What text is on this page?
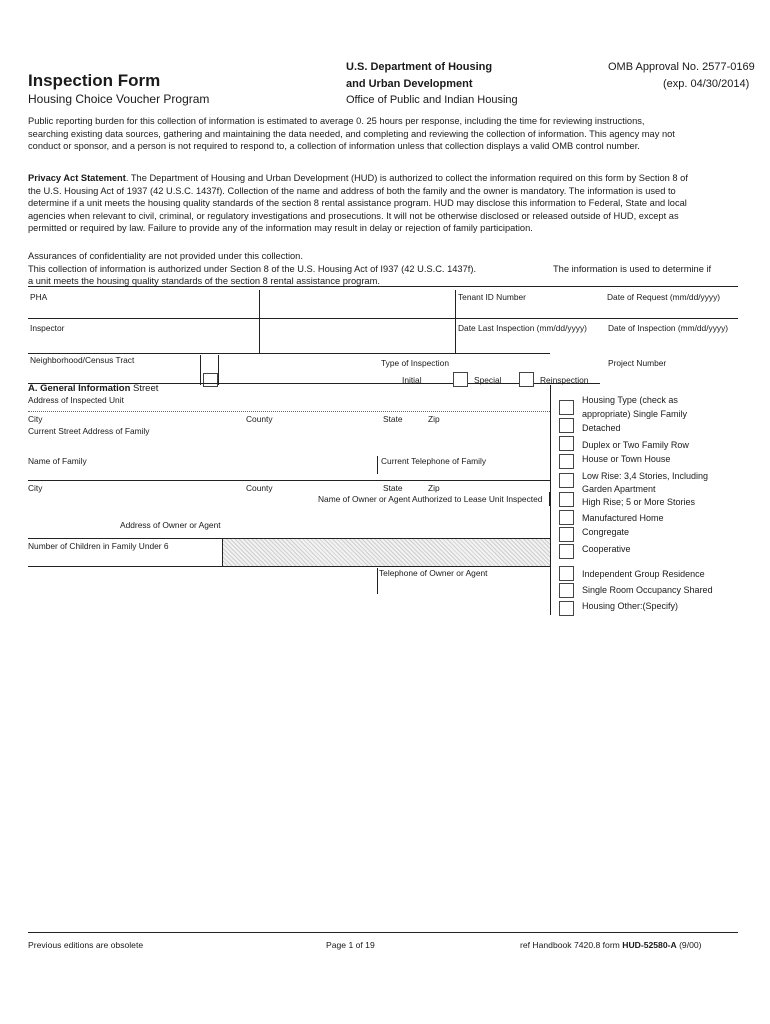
Inspection Form
Housing Choice Voucher Program
U.S. Department of Housing
and Urban Development
Office of Public and Indian Housing
OMB Approval No. 2577-0169
(exp. 04/30/2014)
Public reporting burden for this collection of information is estimated to average 0. 25 hours per response, including the time for reviewing instructions,
searching existing data sources, gathering and maintaining the data needed, and completing and reviewing the collection of information. This agency may not
conduct or sponsor, and a person is not required to respond to, a collection of information unless that collection displays a valid OMB control number.
Privacy Act Statement. The Department of Housing and Urban Development (HUD) is authorized to collect the information required on this form by Section 8 of
the U.S. Housing Act of 1937 (42 U.S.C. 1437f). Collection of the name and address of both the family and the owner is mandatory. The information is used to
determine if a unit meets the housing quality standards of the section 8 rental assistance program. HUD may disclose this information to Federal, State and local
agencies when relevant to civil, criminal, or regulatory investigations and prosecutions. It will not be otherwise disclosed or released outside of HUD, except as
permitted or required by law. Failure to provide any of the information may result in delay or rejection of family participation.
Assurances of confidentiality are not provided under this collection.
This collection of information is authorized under Section 8 of the U.S. Housing Act of I937 (42 U.S.C. 1437f).	The information is used to determine if
a unit meets the housing quality standards of the section 8 rental assistance program.
PHA	Tenant ID Number	Date of Request (mm/dd/yyyy)
Inspector	Date Last Inspection (mm/dd/yyyy)	Date of Inspection (mm/dd/yyyy)
Neighborhood/Census Tract	Type of Inspection	Project Number
Initial	Special	Reinspection
A. General Information Street
Address of Inspected Unit
City	County	State	Zip
Current Street Address of Family
Name of Family	Current Telephone of Family
City	County	State	Zip
Name of Owner or Agent Authorized to Lease Unit Inspected
Address of Owner or Agent
Number of Children in Family Under 6
Telephone of Owner or Agent
Housing Type (check as
appropriate) Single Family
Detached
Duplex or Two Family Row
House or Town House
Low Rise: 3,4 Stories, Including
Garden Apartment
High Rise; 5 or More Stories
Manufactured Home
Congregate
Cooperative
Independent Group Residence
Single Room Occupancy Shared
Housing Other:(Specify)
Previous editions are obsolete	Page 1 of 19	ref Handbook 7420.8 form HUD-52580-A (9/00)
